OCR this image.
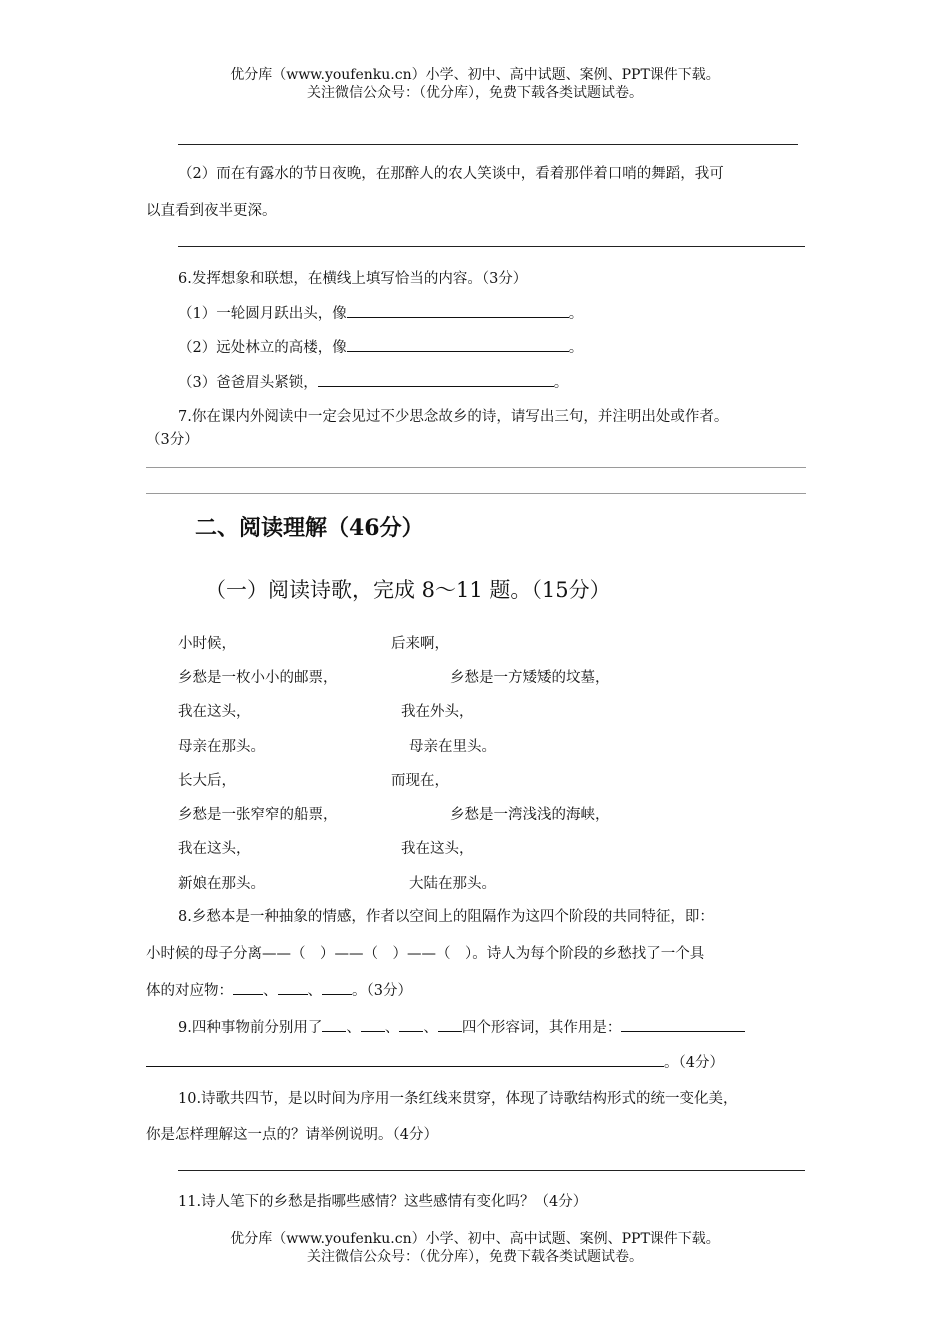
优分库（www.youfenku.cn）小学、初中、高中试题、案例、PPT课件下载。
关注微信公众号：（优分库），免费下载各类试题试卷。
（2）而在有露水的节日夜晚，在那醉人的农人笑谈中，看着那伴着口哨的舞蹈，我可
以直看到夜半更深。
6.发挥想象和联想，在横线上填写恰当的内容。（3分）
（1）一轮圆月跃出头，像	。
（2）远处林立的高楼，像	。
（3）爸爸眉头紧锁，	。
7.你在课内外阅读中一定会见过不少思念故乡的诗，请写出三句，并注明出处或作者。
（3分）
二、阅读理解（46分）
（一）阅读诗歌，完成 8～11 题。（15分）
小时候，
乡愁是一枚小小的邮票，
我在这头，
母亲在那头。
长大后，
乡愁是一张窄窄的船票，
我在这头，
新娘在那头。
后来啊，
乡愁是一方矮矮的坟墓，
我在外头，
母亲在里头。
而现在，
乡愁是一湾浅浅的海峡，
我在这头，
大陆在那头。
8.乡愁本是一种抽象的情感，作者以空间上的阻隔作为这四个阶段的共同特征，即：
小时候的母子分离——（　）——（　）——（　）。诗人为每个阶段的乡愁找了一个具
体的对应物： 、 、 。（3分）
9.四种事物前分别用了 、 、 、 四个形容词，其作用是：
。（4分）
10.诗歌共四节，是以时间为序用一条红线来贯穿，体现了诗歌结构形式的统一变化美，
你是怎样理解这一点的？请举例说明。（4分）
11.诗人笔下的乡愁是指哪些感情？这些感情有变化吗？（4分）
优分库（www.youfenku.cn）小学、初中、高中试题、案例、PPT课件下载。
关注微信公众号：（优分库），免费下载各类试题试卷。
